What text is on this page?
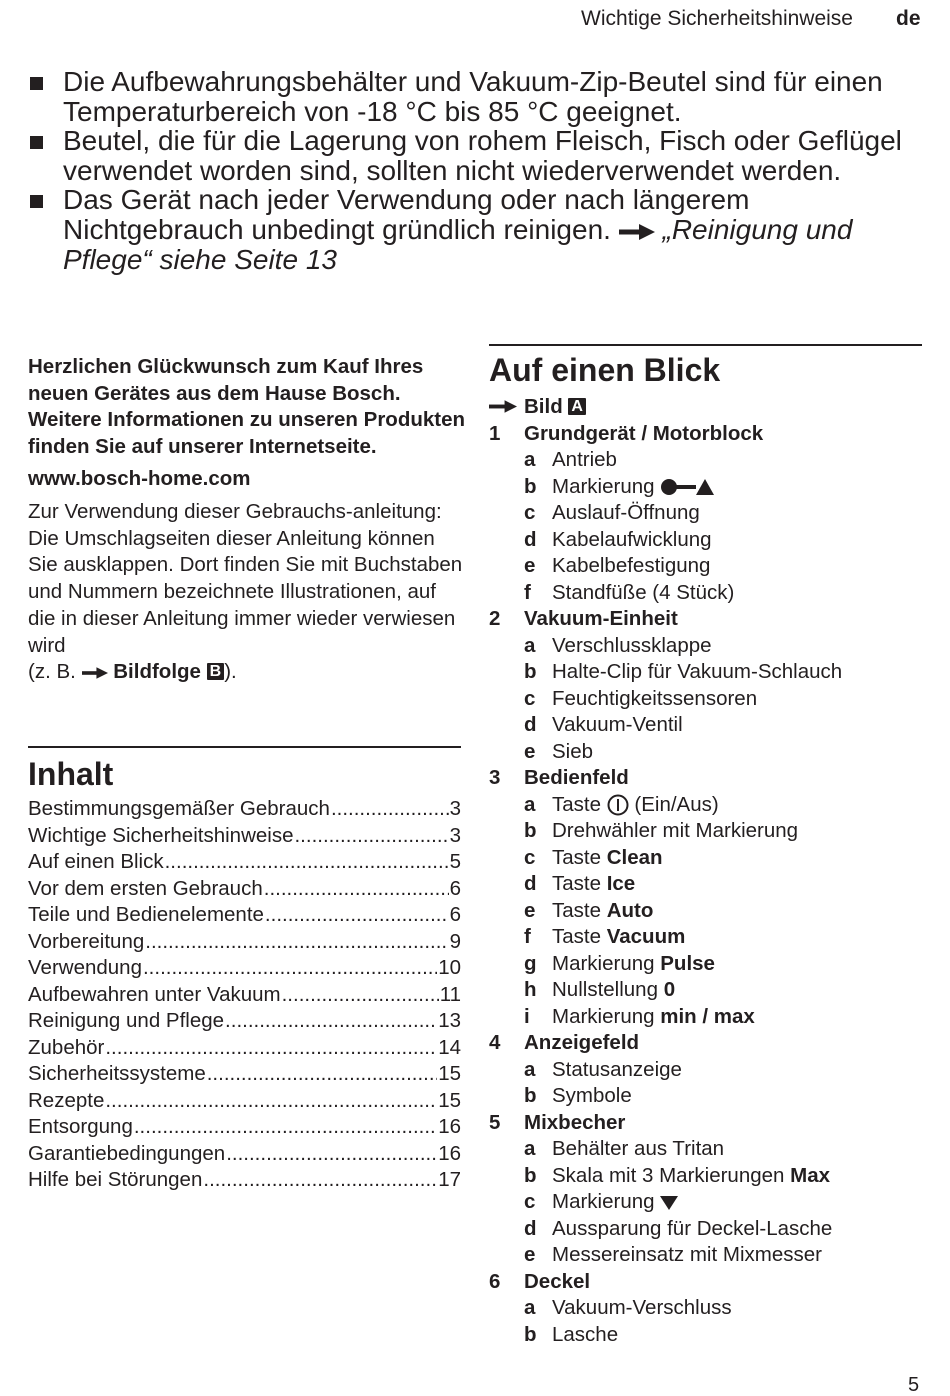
Wichtige Sicherheitshinweise de
Die Aufbewahrungsbehälter und Vakuum-Zip-Beutel sind für einen Temperaturbereich von -18 °C bis 85 °C geeignet.
Beutel, die für die Lagerung von rohem Fleisch, Fisch oder Geflügel verwendet worden sind, sollten nicht wiederverwendet werden.
Das Gerät nach jeder Verwendung oder nach längerem Nichtgebrauch unbedingt gründlich reinigen.  „Reinigung und Pflege“ siehe Seite 13

Herzlichen Glückwunsch zum Kauf Ihres neuen Gerätes aus dem Hause Bosch. Weitere Informationen zu unseren Produkten finden Sie auf unserer Internetseite.

www.bosch-home.com

Zur Verwendung dieser Gebrauchs-anleitung: Die Umschlagseiten dieser Anleitung können Sie ausklappen. Dort finden Sie mit Buchstaben und Nummern bezeichnete Illustrationen, auf die in dieser Anleitung immer wieder verwiesen wird
(z. B.  Bildfolge B ).

Inhalt
Bestimmungsgemäßer Gebrauch .....	3
Wichtige Sicherheitshinweise .....	3
Auf einen Blick .....	5
Vor dem ersten Gebrauch .....	6
Teile und Bedienelemente .....	6
Vorbereitung .....	9
Verwendung .....	10
Aufbewahren unter Vakuum .....	11
Reinigung und Pflege .....	13
Zubehör .....	14
Sicherheitssysteme .....	15
Rezepte .....	15
Entsorgung .....	16
Garantiebedingungen .....	16
Hilfe bei Störungen .....	17
Auf einen Blick
Bild A
1 Grundgerät / Motorblock
a Antrieb
b Markierung
c Auslauf-Öffnung
d Kabelaufwicklung
e Kabelbefestigung
f Standfüße (4 Stück)
2 Vakuum-Einheit
a Verschlussklappe
b Halte-Clip für Vakuum-Schlauch
c Feuchtigkeitssensoren
d Vakuum-Ventil
e Sieb
3 Bedienfeld
a Taste (Ein/Aus)
b Drehwähler mit Markierung
c Taste Clean
d Taste Ice
e Taste Auto
f Taste Vacuum
g Markierung Pulse
h Nullstellung 0
i Markierung min / max
4 Anzeigefeld
a Statusanzeige
b Symbole
5 Mixbecher
a Behälter aus Tritan
b Skala mit 3 Markierungen Max
c Markierung
d Aussparung für Deckel-Lasche
e Messereinsatz mit Mixmesser
6 Deckel
a Vakuum-Verschluss
b Lasche
5
